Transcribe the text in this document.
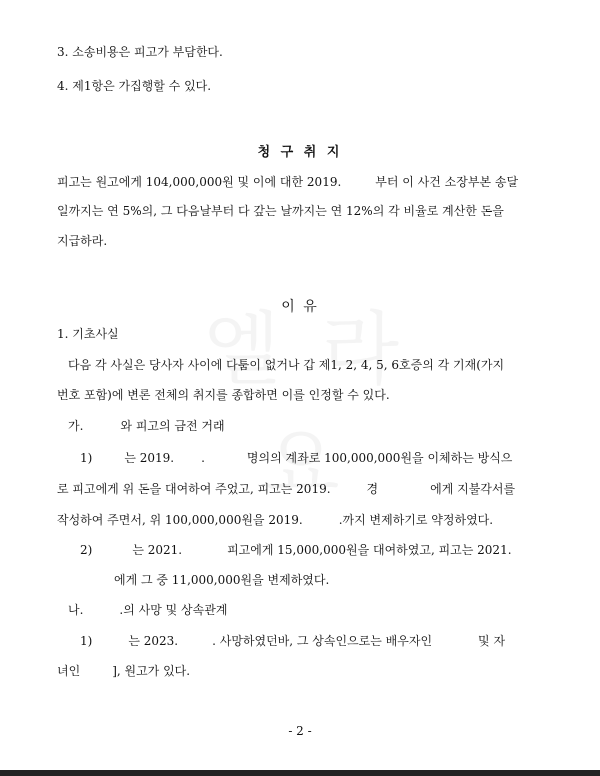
3. 소송비용은 피고가 부담한다.
4. 제1항은 가집행할 수 있다.
청 구 취 지
피고는 원고에게 104,000,000원 및 이에 대한 2019.	부터 이 사건 소장부본 송달
일까지는 연 5%의, 그 다음날부터 다 갚는 날까지는 연 12%의 각 비율로 계산한 돈을
지급하라.
이 유
1. 기초사실
다음 각 사실은 당사자 사이에 다툼이 없거나 갑 제1, 2, 4, 5, 6호증의 각 기재(가지
번호 포함)에 변론 전체의 취지를 종합하면 이를 인정할 수 있다.
가.	와 피고의 금전 거래
1)	는 2019. .	명의의 계좌로 100,000,000원을 이체하는 방식으
로 피고에게 위 돈을 대여하여 주었고, 피고는 2019.	경	에게 지불각서를
작성하여 주면서, 위 100,000,000원을 2019.	.까지 변제하기로 약정하였다.
2)	는 2021.	피고에게 15,000,000원을 대여하였고, 피고는 2021.
에게 그 중 11,000,000원을 변제하였다.
나.	.의 사망 및 상속관계
1)	는 2023.	. 사망하였던바, 그 상속인으로는 배우자인	및 자
녀인	], 원고가 있다.
- 2 -
